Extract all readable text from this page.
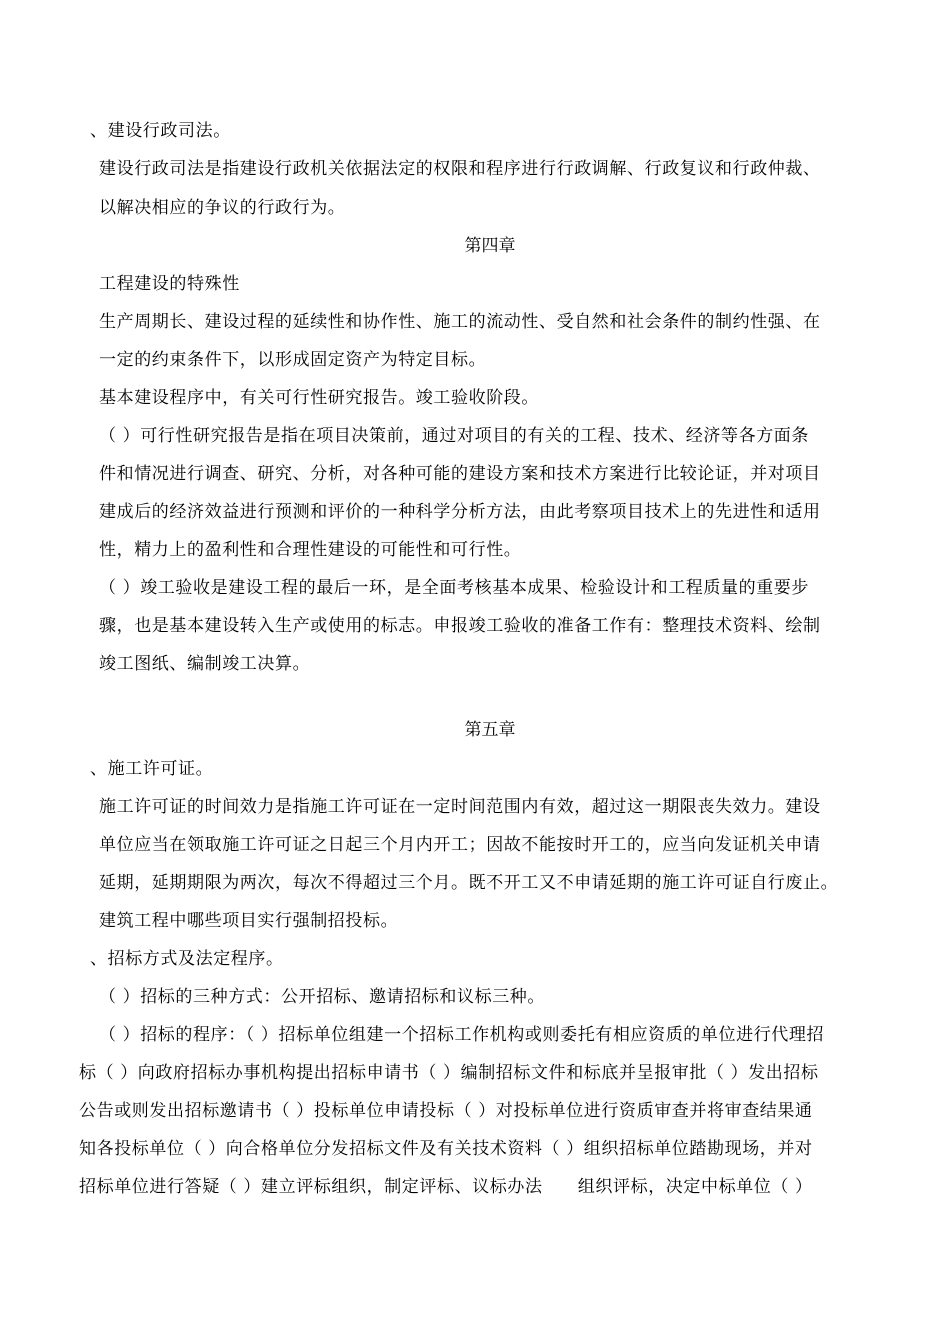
、建设行政司法。
建设行政司法是指建设行政机关依据法定的权限和程序进行行政调解、行政复议和行政仲裁、
以解决相应的争议的行政行为。
第四章
工程建设的特殊性
生产周期长、建设过程的延续性和协作性、施工的流动性、受自然和社会条件的制约性强、在
一定的约束条件下，以形成固定资产为特定目标。
基本建设程序中，有关可行性研究报告。竣工验收阶段。
（ ）可行性研究报告是指在项目决策前，通过对项目的有关的工程、技术、经济等各方面条
件和情况进行调查、研究、分析，对各种可能的建设方案和技术方案进行比较论证，并对项目
建成后的经济效益进行预测和评价的一种科学分析方法，由此考察项目技术上的先进性和适用
性，精力上的盈利性和合理性建设的可能性和可行性。
（ ）竣工验收是建设工程的最后一环，是全面考核基本成果、检验设计和工程质量的重要步
骤，也是基本建设转入生产或使用的标志。申报竣工验收的准备工作有：整理技术资料、绘制
竣工图纸、编制竣工决算。
第五章
、施工许可证。
施工许可证的时间效力是指施工许可证在一定时间范围内有效，超过这一期限丧失效力。建设
单位应当在领取施工许可证之日起三个月内开工；因故不能按时开工的，应当向发证机关申请
延期，延期期限为两次，每次不得超过三个月。既不开工又不申请延期的施工许可证自行废止。
建筑工程中哪些项目实行强制招投标。
、招标方式及法定程序。
（ ）招标的三种方式：公开招标、邀请招标和议标三种。
（ ）招标的程序：（ ）招标单位组建一个招标工作机构或则委托有相应资质的单位进行代理招
标（ ）向政府招标办事机构提出招标申请书（ ）编制招标文件和标底并呈报审批（ ）发出招标
公告或则发出招标邀请书（ ）投标单位申请投标（ ）对投标单位进行资质审查并将审查结果通
知各投标单位（ ）向合格单位分发招标文件及有关技术资料（ ）组织招标单位踏勘现场，并对
招标单位进行答疑（ ）建立评标组织，制定评标、议标办法　　组织评标，决定中标单位（ ）
